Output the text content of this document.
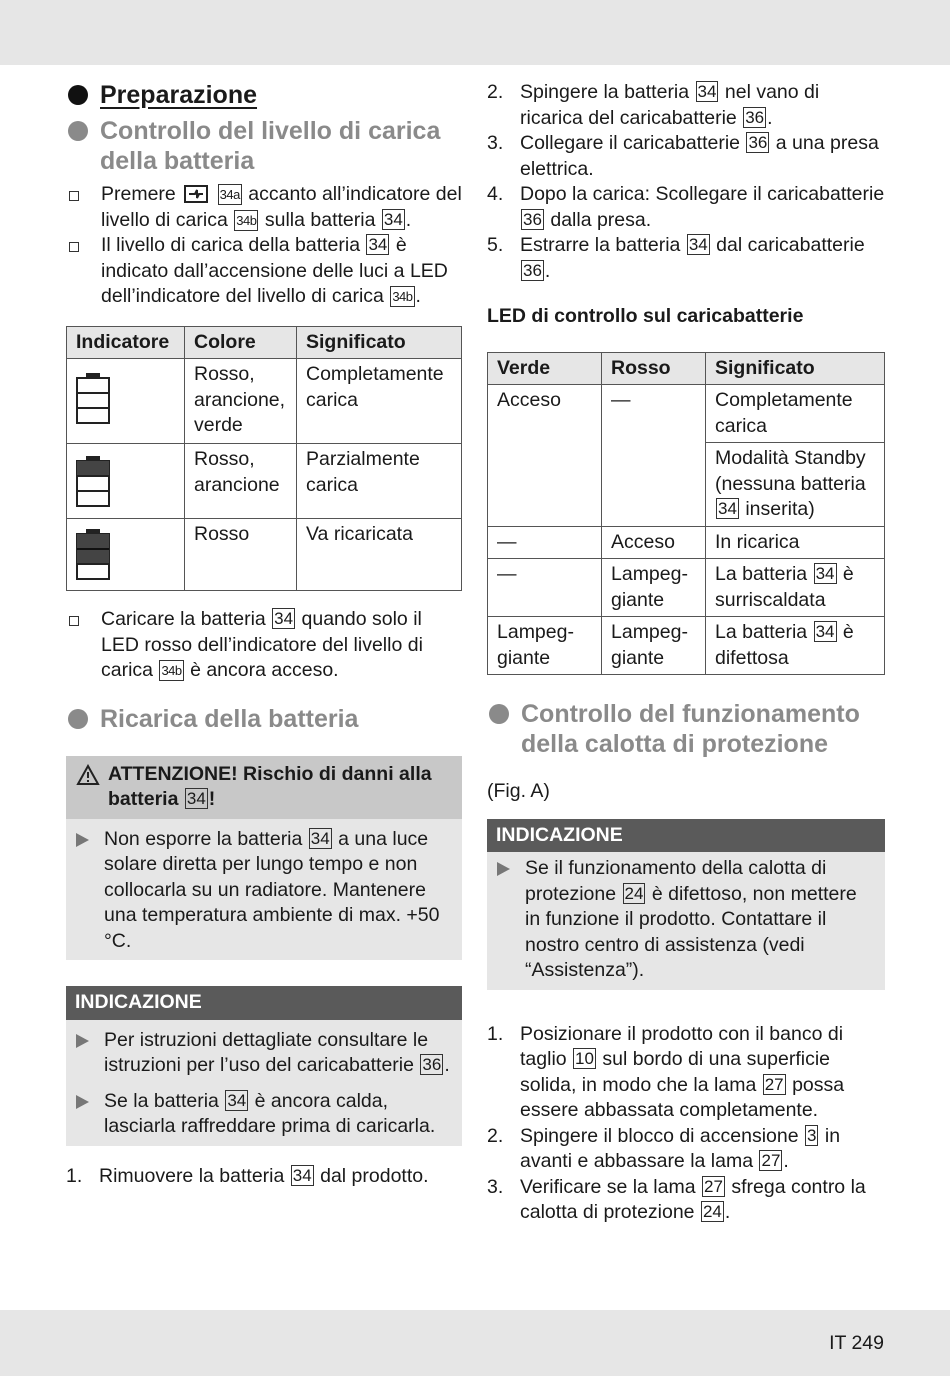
Preparazione
Controllo del livello di carica della batteria
Premere	34a accanto all’indicatore del livello di carica 34b sulla batteria 34 .
Il livello di carica della batteria 34 è indicato dall’accensione delle luci a LED dell’indicatore del livello di carica 34b .
Indicatore	Colore	Significato
	Rosso, arancione, verde	Completamente carica
	Rosso, arancione	Parzialmente carica
	Rosso	Va ricaricata
Caricare la batteria 34 quando solo il LED rosso dell’indicatore del livello di carica 34b è ancora acceso.
Ricarica della batteria
ATTENZIONE! Rischio di danni alla batteria 34 !
Non esporre la batteria 34 a una luce solare diretta per lungo tempo e non collocarla su un radiatore. Mantenere una temperatura ambiente di max. +50 °C.
INDICAZIONE
Per istruzioni dettagliate consultare le istruzioni per l’uso del caricabatterie 36 .
Se la batteria 34 è ancora calda, lasciarla raffreddare prima di caricarla.
1. Rimuovere la batteria 34 dal prodotto.
2. Spingere la batteria 34 nel vano di ricarica del caricabatterie 36 .
3. Collegare il caricabatterie 36 a una presa elettrica.
4. Dopo la carica: Scollegare il caricabatterie 36 dalla presa.
5. Estrarre la batteria 34 dal caricabatterie 36 .
LED di controllo sul caricabatterie
Verde	Rosso	Significato
Acceso	—	Completamente carica
		Modalità Standby (nessuna batteria 34 inserita)
—	Acceso	In ricarica
—	Lampeg-giante	La batteria 34 è surriscaldata
Lampeg-giante	Lampeg-giante	La batteria 34 è difettosa
Controllo del funzionamento della calotta di protezione
(Fig. A)
INDICAZIONE
Se il funzionamento della calotta di protezione 24 è difettoso, non mettere in funzione il prodotto. Contattare il nostro centro di assistenza (vedi “Assistenza”).
1. Posizionare il prodotto con il banco di taglio 10 sul bordo di una superficie solida, in modo che la lama 27 possa essere abbassata completamente.
2. Spingere il blocco di accensione 3 in avanti e abbassare la lama 27 .
3. Verificare se la lama 27 sfrega contro la calotta di protezione 24 .
IT 249
